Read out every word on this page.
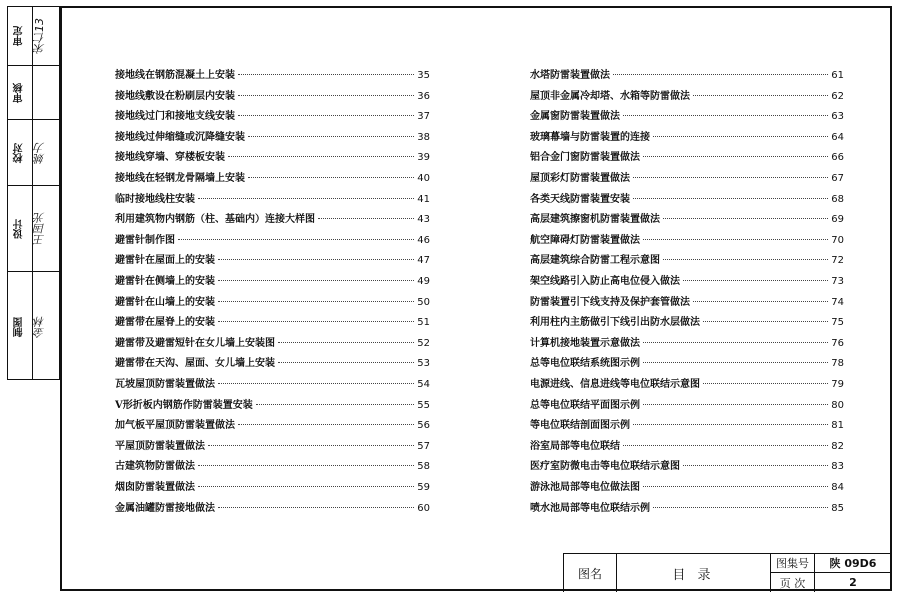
审定 宋仁13
审核
校对 姚力
设计 王国光
制图 金林
接地线在钢筋混凝土上安装	35
接地线敷设在粉刷层内安装	36
接地线过门和接地支线安装	37
接地线过伸缩缝或沉降缝安装	38
接地线穿墙、穿楼板安装	39
接地线在轻钢龙骨隔墙上安装	40
临时接地线柱安装	41
利用建筑物内钢筋（柱、基础内）连接大样图	43
避雷针制作图	46
避雷针在屋面上的安装	47
避雷针在侧墙上的安装	49
避雷针在山墙上的安装	50
避雷带在屋脊上的安装	51
避雷带及避雷短针在女儿墙上安装图	52
避雷带在天沟、屋面、女儿墙上安装	53
瓦坡屋顶防雷装置做法	54
V形折板内钢筋作防雷装置安装	55
加气板平屋顶防雷装置做法	56
平屋顶防雷装置做法	57
古建筑物防雷做法	58
烟囱防雷装置做法	59
金属油罐防雷接地做法	60
水塔防雷装置做法	61
屋顶非金属冷却塔、水箱等防雷做法	62
金属窗防雷装置做法	63
玻璃幕墙与防雷装置的连接	64
铝合金门窗防雷装置做法	66
屋顶彩灯防雷装置做法	67
各类天线防雷装置安装	68
高层建筑擦窗机防雷装置做法	69
航空障碍灯防雷装置做法	70
高层建筑综合防雷工程示意图	72
架空线路引入防止高电位侵入做法	73
防雷装置引下线支持及保护套管做法	74
利用柱内主筋做引下线引出防水层做法	75
计算机接地装置示意做法	76
总等电位联结系统图示例	78
电源进线、信息进线等电位联结示意图	79
总等电位联结平面图示例	80
等电位联结剖面图示例	81
浴室局部等电位联结	82
医疗室防微电击等电位联结示意图	83
游泳池局部等电位做法图	84
喷水池局部等电位联结示例	85
图名	目 录
图集号	陕 09D6
页 次	2
